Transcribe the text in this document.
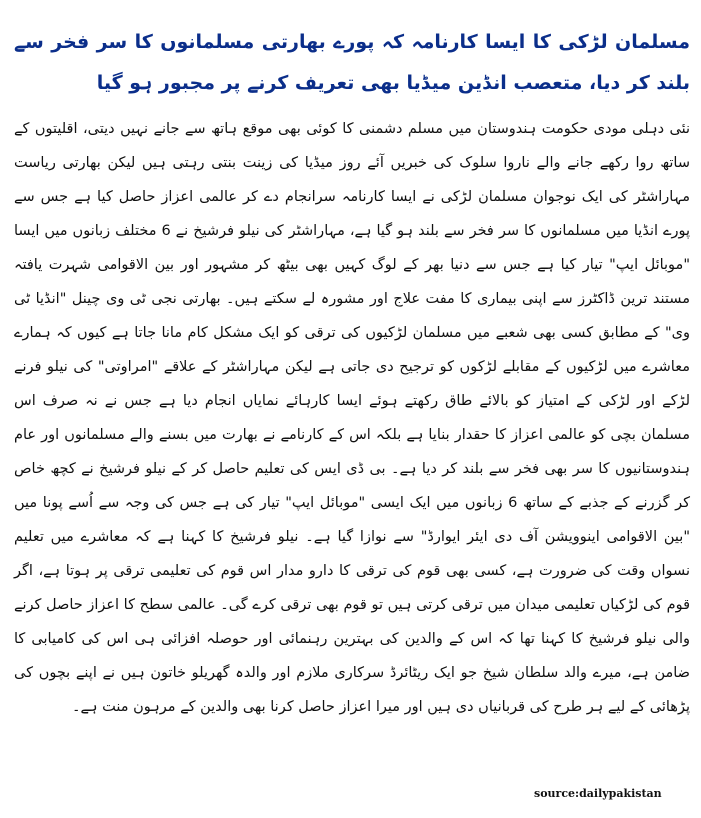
مسلمان لڑکی کا ایسا کارنامہ کہ پورے بھارتی مسلمانوں کا سر فخر سے بلند کر دیا، متعصب انڈین میڈیا بھی تعریف کرنے پر مجبور ہو گیا

نئی دہلی مودی حکومت ہندوستان میں مسلم دشمنی کا کوئی بھی موقع ہاتھ سے جانے نہیں دیتی، اقلیتوں کے ساتھ روا رکھے جانے والے ناروا سلوک کی خبریں آئے روز میڈیا کی زینت بنتی رہتی ہیں لیکن بھارتی ریاست مہاراشٹر کی ایک نوجوان مسلمان لڑکی نے ایسا کارنامہ سرانجام دے کر عالمی اعزاز حاصل کیا ہے جس سے پورے انڈیا میں مسلمانوں کا سر فخر سے بلند ہو گیا ہے، مہاراشٹر کی نیلو فرشیخ نے 6 مختلف زبانوں میں ایسا "موبائل ایپ" تیار کیا ہے جس سے دنیا بھر کے لوگ کہیں بھی بیٹھ کر مشہور اور بین الاقوامی شہرت یافتہ مستند ترین ڈاکٹرز سے اپنی بیماری کا مفت علاج اور مشورہ لے سکتے ہیں۔ بھارتی نجی ٹی وی چینل "انڈیا ٹی وی" کے مطابق کسی بھی شعبے میں مسلمان لڑکیوں کی ترقی کو ایک مشکل کام مانا جاتا ہے کیوں کہ ہمارے معاشرے میں لڑکیوں کے مقابلے لڑکوں کو ترجیح دی جاتی ہے لیکن مہاراشٹر کے علاقے "امراوتی" کی نیلو فرنے لڑکے اور لڑکی کے امتیاز کو بالائے طاق رکھتے ہوئے ایسا کارہائے نمایاں انجام دیا ہے جس نے نہ صرف اس مسلمان بچی کو عالمی اعزاز کا حقدار بنایا ہے بلکہ اس کے کارنامے نے بھارت میں بسنے والے مسلمانوں اور عام ہندوستانیوں کا سر بھی فخر سے بلند کر دیا ہے۔ بی ڈی ایس کی تعلیم حاصل کر کے نیلو فرشیخ نے کچھ خاص کر گزرنے کے جذبے کے ساتھ 6 زبانوں میں ایک ایسی "موبائل ایپ" تیار کی ہے جس کی وجہ سے اُسے پونا میں "بین الاقوامی اینوویشن آف دی ایئر ایوارڈ" سے نوازا گیا ہے۔ نیلو فرشیخ کا کہنا ہے کہ معاشرے میں تعلیم نسواں وقت کی ضرورت ہے، کسی بھی قوم کی ترقی کا دارو مدار اس قوم کی تعلیمی ترقی پر ہوتا ہے، اگر قوم کی لڑکیاں تعلیمی میدان میں ترقی کرتی ہیں تو قوم بھی ترقی کرے گی۔ عالمی سطح کا اعزاز حاصل کرنے والی نیلو فرشیخ کا کہنا تھا کہ اس کے والدین کی بہترین رہنمائی اور حوصلہ افزائی ہی اس کی کامیابی کا ضامن ہے، میرے والد سلطان شیخ جو ایک ریٹائرڈ سرکاری ملازم اور والدہ گھریلو خاتون ہیں نے اپنے بچوں کی پڑھائی کے لیے ہر طرح کی قربانیاں دی ہیں اور میرا اعزاز حاصل کرنا بھی والدین کے مرہون منت ہے۔

source:dailypakistan
